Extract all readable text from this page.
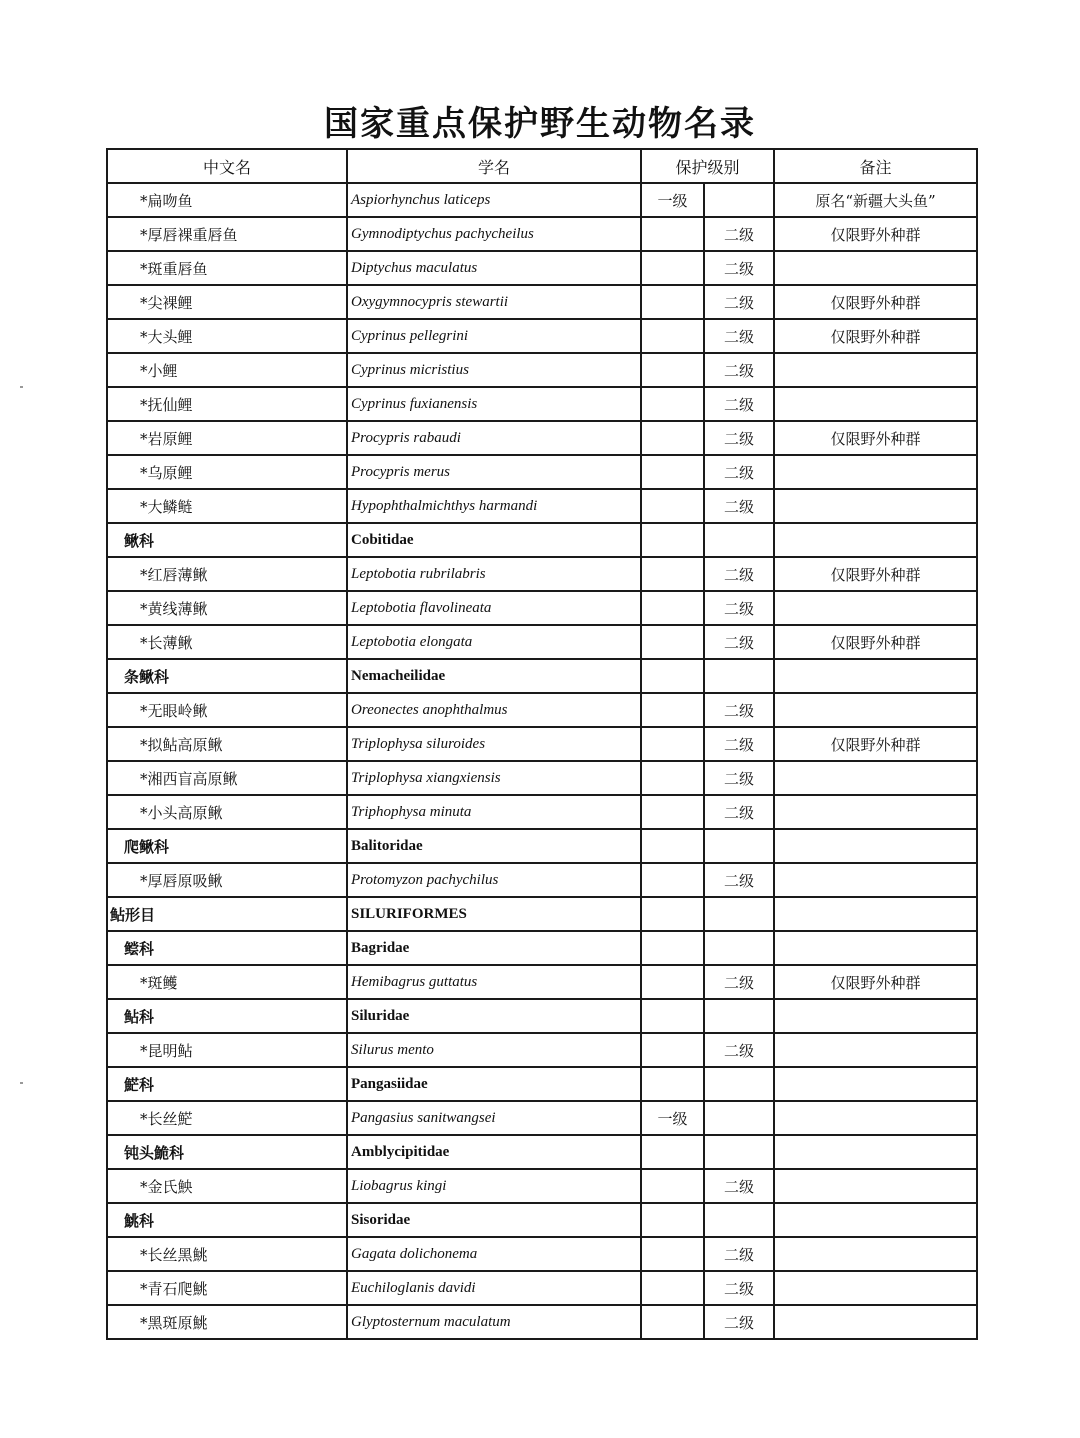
国家重点保护野生动物名录
中文名	学名	保护级别		备注
*扁吻鱼	Aspiorhynchus laticeps	一级		原名“新疆大头鱼”
*厚唇裸重唇鱼	Gymnodiptychus pachycheilus		二级	仅限野外种群
*斑重唇鱼	Diptychus maculatus		二级	
*尖裸鲤	Oxygymnocypris stewartii		二级	仅限野外种群
*大头鲤	Cyprinus pellegrini		二级	仅限野外种群
*小鲤	Cyprinus micristius		二级	
*抚仙鲤	Cyprinus fuxianensis		二级	
*岩原鲤	Procypris rabaudi		二级	仅限野外种群
*乌原鲤	Procypris merus		二级	
*大鳞鲢	Hypophthalmichthys harmandi		二级	
鳅科	Cobitidae			
*红唇薄鳅	Leptobotia rubrilabris		二级	仅限野外种群
*黄线薄鳅	Leptobotia flavolineata		二级	
*长薄鳅	Leptobotia elongata		二级	仅限野外种群
条鳅科	Nemacheilidae			
*无眼岭鳅	Oreonectes anophthalmus		二级	
*拟鲇高原鳅	Triplophysa siluroides		二级	仅限野外种群
*湘西盲高原鳅	Triplophysa xiangxiensis		二级	
*小头高原鳅	Triphophysa minuta		二级	
爬鳅科	Balitoridae			
*厚唇原吸鳅	Protomyzon pachychilus		二级	
鲇形目	SILURIFORMES			
鲿科	Bagridae			
*斑鳠	Hemibagrus guttatus		二级	仅限野外种群
鲇科	Siluridae			
*昆明鲇	Silurus mento		二级	
𩷶科	Pangasiidae			
*长丝𩷶	Pangasius sanitwangsei	一级		
钝头鮠科	Amblycipitidae			
*金氏䱀	Liobagrus kingi		二级	
鮡科	Sisoridae			
*长丝黑鮡	Gagata dolichonema		二级	
*青石爬鮡	Euchiloglanis davidi		二级	
*黑斑原鮡	Glyptosternum maculatum		二级	
